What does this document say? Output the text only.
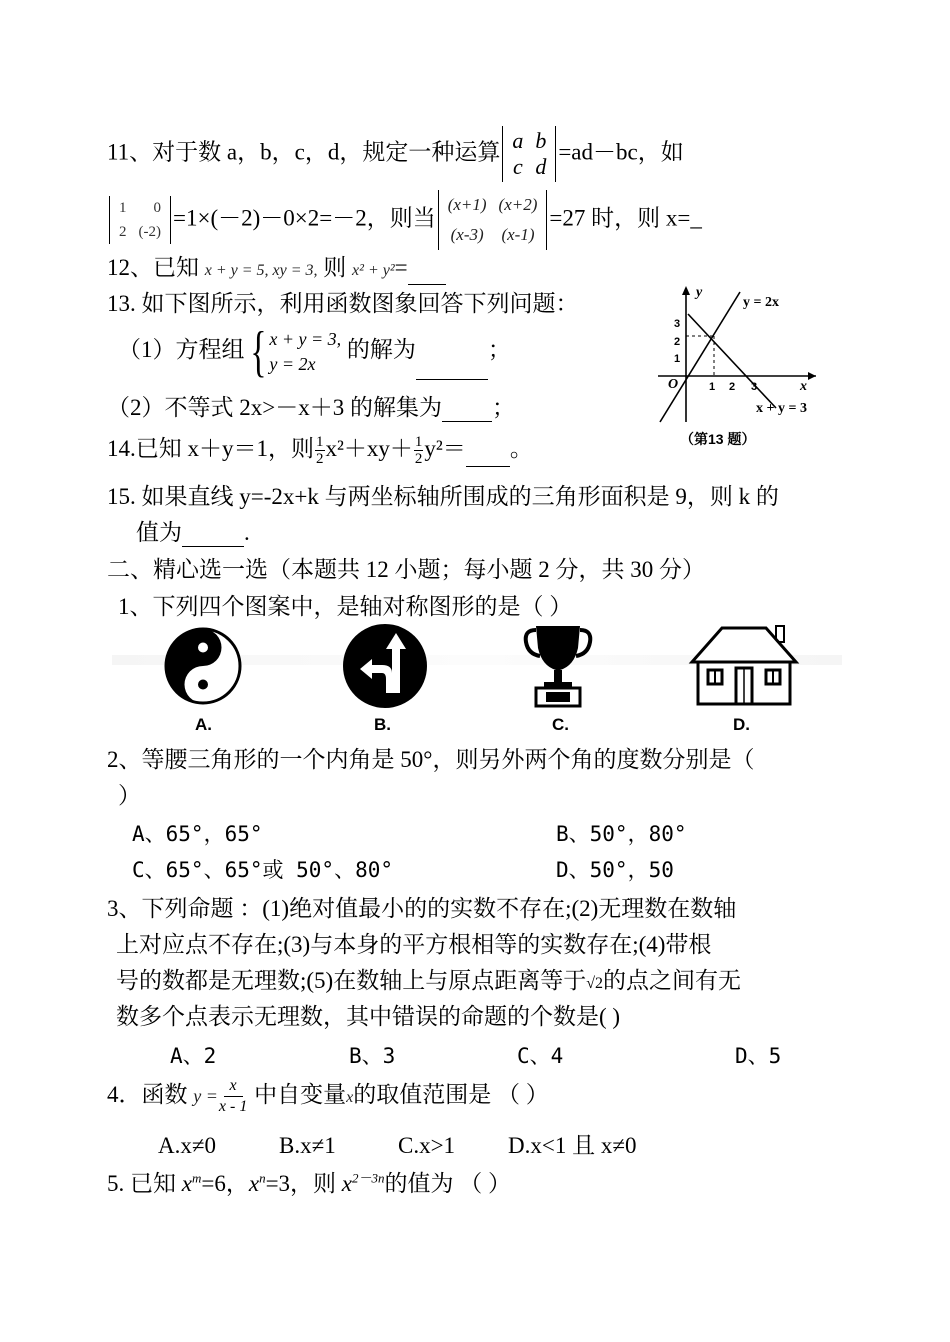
11、对于数 a，b，c，d，规定一种运算 a	b
c	d
=ad－bc，如
1	0
2	(-2)
=1×(－2)－0×2=－2，则当
(x+1)	(x+2)
(x-3)	(x-1)
=27 时，则 x=_
12、已知 x + y = 5, xy = 3, 则 x² + y²=
13. 如下图所示，利用函数图象回答下列问题：
（1）方程组 { x + y = 3,
y = 2x
的解为	；
（2）不等式 2x>－x＋3 的解集为 ；
y
x
O
y = 2x
x + y = 3
1 2 3
1
2
3
（第13 题）
14.已知 x＋y＝1，则 $\frac{1}{2} x^2+xy+ \frac{1}{2} y^2=$ 。
15. 如果直线 y=-2x+k 与两坐标轴所围成的三角形面积是 9，则 k 的
值为	.
二、精心选一选（本题共 12 小题；每小题 2 分，共 30 分）
1、下列四个图案中，是轴对称图形的是（ ）
A.	B.	C.	D.
2、等腰三角形的一个内角是 50°，则另外两个角的度数分别是（
）
A、65°，65°	B、50°，80°
C、65°、65°或 50°、80°	D、50°，50
3、下列命题 ：(1)绝对值最小的的实数不存在;(2)无理数在数轴
上对应点不存在;(3)与本身的平方根相等的实数存在;(4)带根
号的数都是无理数;(5)在数轴上与原点距离等于√2的点之间有无
数多个点表示无理数，其中错误的命题的个数是( )
A、2	B、3	C、4	D、5
4．函数 $y = \frac{x}{x - 1}$ 中自变量x的取值范围是 （ ）
A.x≠0	B.x≠1	C.x>1 D.x<1 且 x≠0
5. 已知 $x^m=6$，$x^n=3$，则 $x^{2-3n}$的值为 （ ）
